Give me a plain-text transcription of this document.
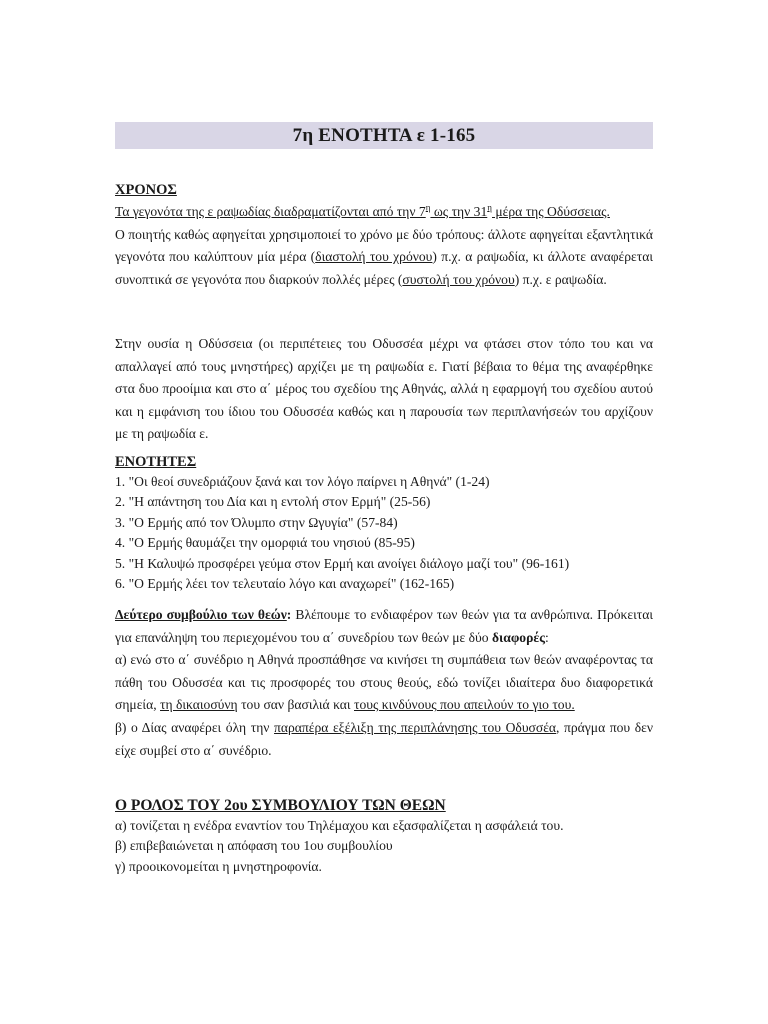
7η ΕΝΟΤΗΤΑ ε 1-165
ΧΡΟΝΟΣ

Τα γεγονότα της ε ραψωδίας διαδραματίζονται από την $7^\eta$ ως την $31^\eta$ μέρα της Οδύσσειας.

Ο ποιητής καθώς αφηγείται χρησιμοποιεί το χρόνο με δύο τρόπους: άλλοτε αφηγείται εξαντλητικά γεγονότα που καλύπτουν μία μέρα (διαστολή του χρόνου) π.χ. α ραψωδία, κι άλλοτε αναφέρεται συνοπτικά σε γεγονότα που διαρκούν πολλές μέρες (συστολή του χρόνου) π.χ. ε ραψωδία.

Στην ουσία η Οδύσσεια (οι περιπέτειες του Οδυσσέα μέχρι να φτάσει στον τόπο του και να απαλλαγεί από τους μνηστήρες) αρχίζει με τη ραψωδία ε. Γιατί βέβαια το θέμα της αναφέρθηκε στα δυο προοίμια και στο α΄ μέρος του σχεδίου της Αθηνάς, αλλά η εφαρμογή του σχεδίου αυτού και η εμφάνιση του ίδιου του Οδυσσέα καθώς και η παρουσία των περιπλανήσεών του αρχίζουν με τη ραψωδία ε.

ΕΝΟΤΗΤΕΣ
1. "Οι θεοί συνεδριάζουν ξανά και τον λόγο παίρνει η Αθηνά" (1-24)
2. "Η απάντηση του Δία και η εντολή στον Ερμή" (25-56)
3. "Ο Ερμής από τον Όλυμπο στην Ωγυγία" (57-84)
4. "Ο Ερμής θαυμάζει την ομορφιά του νησιού (85-95)
5. "Η Καλυψώ προσφέρει γεύμα στον Ερμή και ανοίγει διάλογο μαζί του" (96-161)
6. "Ο Ερμής λέει τον τελευταίο λόγο και αναχωρεί" (162-165)

Δεύτερο συμβούλιο των θεών: Βλέπουμε το ενδιαφέρον των θεών για τα ανθρώπινα. Πρόκειται για επανάληψη του περιεχομένου του α΄ συνεδρίου των θεών με δύο διαφορές:

α) ενώ στο α΄ συνέδριο η Αθηνά προσπάθησε να κινήσει τη συμπάθεια των θεών αναφέροντας τα πάθη του Οδυσσέα και τις προσφορές του στους θεούς, εδώ τονίζει ιδιαίτερα δυο διαφορετικά σημεία, τη δικαιοσύνη του σαν βασιλιά και τους κινδύνους που απειλούν το γιο του.

β) ο Δίας αναφέρει όλη την παραπέρα εξέλιξη της περιπλάνησης του Οδυσσέα, πράγμα που δεν είχε συμβεί στο α΄ συνέδριο.

Ο ΡΟΛΟΣ ΤΟΥ 2ου ΣΥΜΒΟΥΛΙΟΥ ΤΩΝ ΘΕΩΝ
α) τονίζεται η ενέδρα εναντίον του Τηλέμαχου και εξασφαλίζεται η ασφάλειά του.
β) επιβεβαιώνεται η απόφαση του 1ου συμβουλίου
γ) προοικονομείται η μνηστηροφονία.
